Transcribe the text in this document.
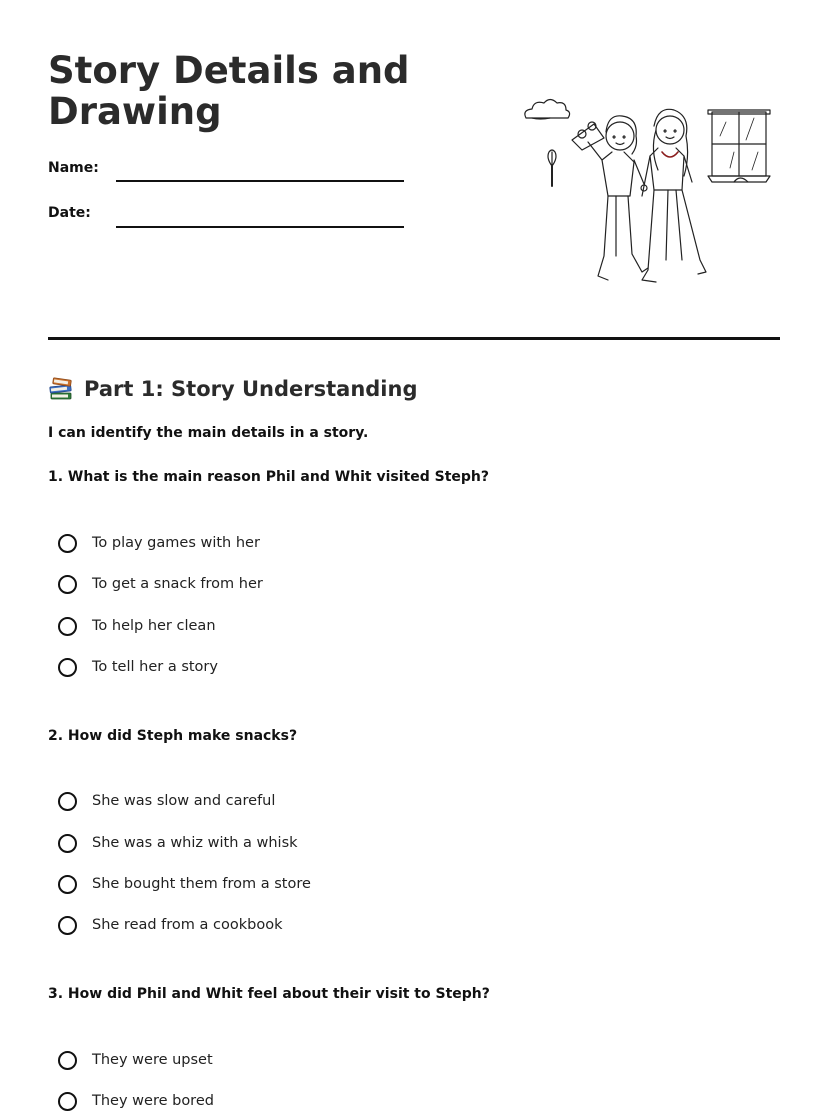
Story Details and Drawing
Name:
Date:
Part 1: Story Understanding
I can identify the main details in a story.
1. What is the main reason Phil and Whit visited Steph?
To play games with her
To get a snack from her
To help her clean
To tell her a story
2. How did Steph make snacks?
She was slow and careful
She was a whiz with a whisk
She bought them from a store
She read from a cookbook
3. How did Phil and Whit feel about their visit to Steph?
They were upset
They were bored
